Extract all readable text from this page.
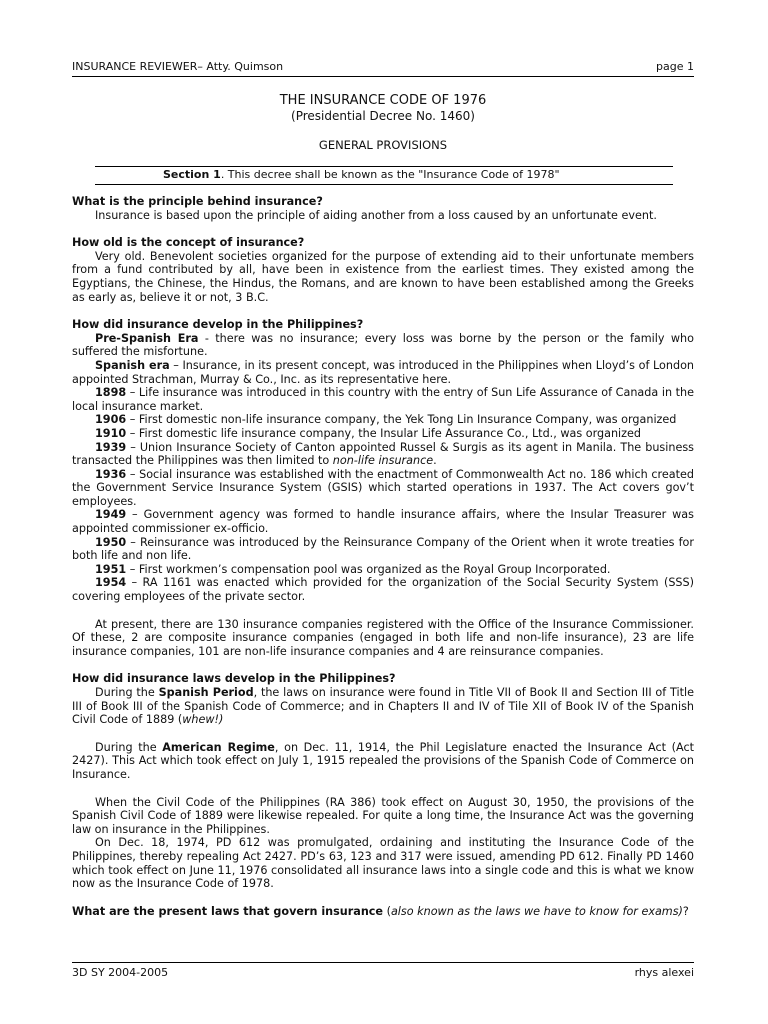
INSURANCE REVIEWER– Atty. Quimson	page 1
THE INSURANCE CODE OF 1976
(Presidential Decree No. 1460)
GENERAL PROVISIONS
Section 1. This decree shall be known as the "Insurance Code of 1978"

What is the principle behind insurance?

Insurance is based upon the principle of aiding another from a loss caused by an unfortunate event.

How old is the concept of insurance?

Very old. Benevolent societies organized for the purpose of extending aid to their unfortunate members from a fund contributed by all, have been in existence from the earliest times. They existed among the Egyptians, the Chinese, the Hindus, the Romans, and are known to have been established among the Greeks as early as, believe it or not, 3 B.C.

How did insurance develop in the Philippines?

Pre-Spanish Era - there was no insurance; every loss was borne by the person or the family who suffered the misfortune.

Spanish era – Insurance, in its present concept, was introduced in the Philippines when Lloyd’s of London appointed Strachman, Murray & Co., Inc. as its representative here.

1898 – Life insurance was introduced in this country with the entry of Sun Life Assurance of Canada in the local insurance market.

1906 – First domestic non-life insurance company, the Yek Tong Lin Insurance Company, was organized

1910 – First domestic life insurance company, the Insular Life Assurance Co., Ltd., was organized

1939 – Union Insurance Society of Canton appointed Russel & Surgis as its agent in Manila. The business transacted the Philippines was then limited to non-life insurance.

1936 – Social insurance was established with the enactment of Commonwealth Act no. 186 which created the Government Service Insurance System (GSIS) which started operations in 1937. The Act covers gov’t employees.

1949 – Government agency was formed to handle insurance affairs, where the Insular Treasurer was appointed commissioner ex-officio.

1950 – Reinsurance was introduced by the Reinsurance Company of the Orient when it wrote treaties for both life and non life.

1951 – First workmen’s compensation pool was organized as the Royal Group Incorporated.

1954 – RA 1161 was enacted which provided for the organization of the Social Security System (SSS) covering employees of the private sector.

At present, there are 130 insurance companies registered with the Office of the Insurance Commissioner. Of these, 2 are composite insurance companies (engaged in both life and non-life insurance), 23 are life insurance companies, 101 are non-life insurance companies and 4 are reinsurance companies.

How did insurance laws develop in the Philippines?

During the Spanish Period, the laws on insurance were found in Title VII of Book II and Section III of Title III of Book III of the Spanish Code of Commerce; and in Chapters II and IV of Tile XII of Book IV of the Spanish Civil Code of 1889 (whew!)

During the American Regime, on Dec. 11, 1914, the Phil Legislature enacted the Insurance Act (Act 2427). This Act which took effect on July 1, 1915 repealed the provisions of the Spanish Code of Commerce on Insurance.

When the Civil Code of the Philippines (RA 386) took effect on August 30, 1950, the provisions of the Spanish Civil Code of 1889 were likewise repealed. For quite a long time, the Insurance Act was the governing law on insurance in the Philippines.

On Dec. 18, 1974, PD 612 was promulgated, ordaining and instituting the Insurance Code of the Philippines, thereby repealing Act 2427. PD’s 63, 123 and 317 were issued, amending PD 612. Finally PD 1460 which took effect on June 11, 1976 consolidated all insurance laws into a single code and this is what we know now as the Insurance Code of 1978.

What are the present laws that govern insurance (also known as the laws we have to know for exams)?

3D SY 2004-2005	rhys alexei
